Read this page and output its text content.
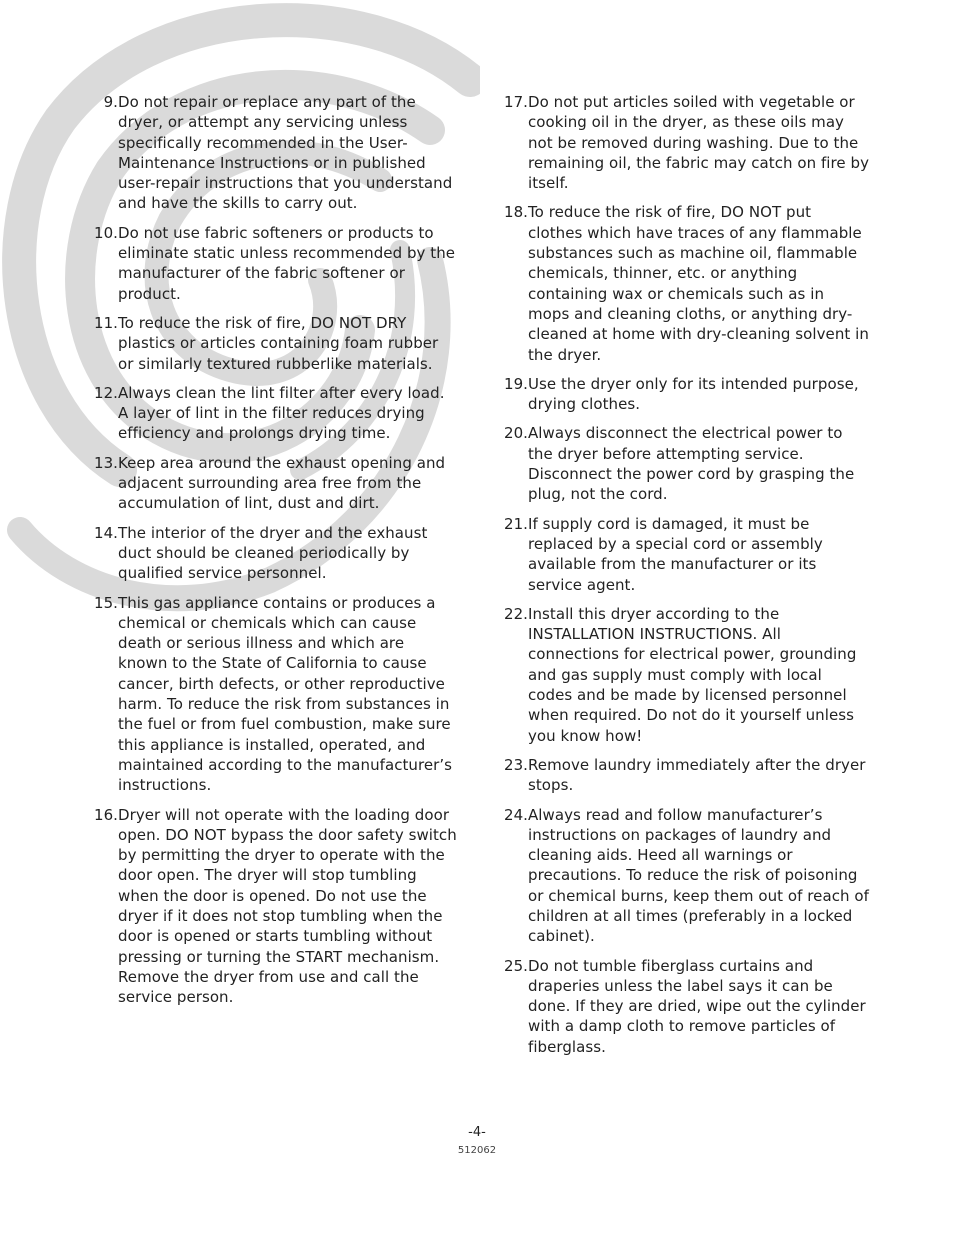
9. Do not repair or replace any part of the dryer, or attempt any servicing unless specifically recommended in the User-Maintenance Instructions or in published user-repair instructions that you understand and have the skills to carry out.
10. Do not use fabric softeners or products to eliminate static unless recommended by the manufacturer of the fabric softener or product.
11. To reduce the risk of fire, DO NOT DRY plastics or articles containing foam rubber or similarly textured rubberlike materials.
12. Always clean the lint filter after every load. A layer of lint in the filter reduces drying efficiency and prolongs drying time.
13. Keep area around the exhaust opening and adjacent surrounding area free from the accumulation of lint, dust and dirt.
14. The interior of the dryer and the exhaust duct should be cleaned periodically by qualified service personnel.
15. This gas appliance contains or produces a chemical or chemicals which can cause death or serious illness and which are known to the State of California to cause cancer, birth defects, or other reproductive harm. To reduce the risk from substances in the fuel or from fuel combustion, make sure this appliance is installed, operated, and maintained according to the manufacturer’s instructions.
16. Dryer will not operate with the loading door open. DO NOT bypass the door safety switch by permitting the dryer to operate with the door open. The dryer will stop tumbling when the door is opened. Do not use the dryer if it does not stop tumbling when the door is opened or starts tumbling without pressing or turning the START mechanism. Remove the dryer from use and call the service person.
17. Do not put articles soiled with vegetable or cooking oil in the dryer, as these oils may not be removed during washing. Due to the remaining oil, the fabric may catch on fire by itself.
18. To reduce the risk of fire, DO NOT put clothes which have traces of any flammable substances such as machine oil, flammable chemicals, thinner, etc. or anything containing wax or chemicals such as in mops and cleaning cloths, or anything dry-cleaned at home with dry-cleaning solvent in the dryer.
19. Use the dryer only for its intended purpose, drying clothes.
20. Always disconnect the electrical power to the dryer before attempting service. Disconnect the power cord by grasping the plug, not the cord.
21. If supply cord is damaged, it must be replaced by a special cord or assembly available from the manufacturer or its service agent.
22. Install this dryer according to the INSTALLATION INSTRUCTIONS. All connections for electrical power, grounding and gas supply must comply with local codes and be made by licensed personnel when required. Do not do it yourself unless you know how!
23. Remove laundry immediately after the dryer stops.
24. Always read and follow manufacturer’s instructions on packages of laundry and cleaning aids. Heed all warnings or precautions. To reduce the risk of poisoning or chemical burns, keep them out of reach of children at all times (preferably in a locked cabinet).
25. Do not tumble fiberglass curtains and draperies unless the label says it can be done. If they are dried, wipe out the cylinder with a damp cloth to remove particles of fiberglass.
-4-
512062
